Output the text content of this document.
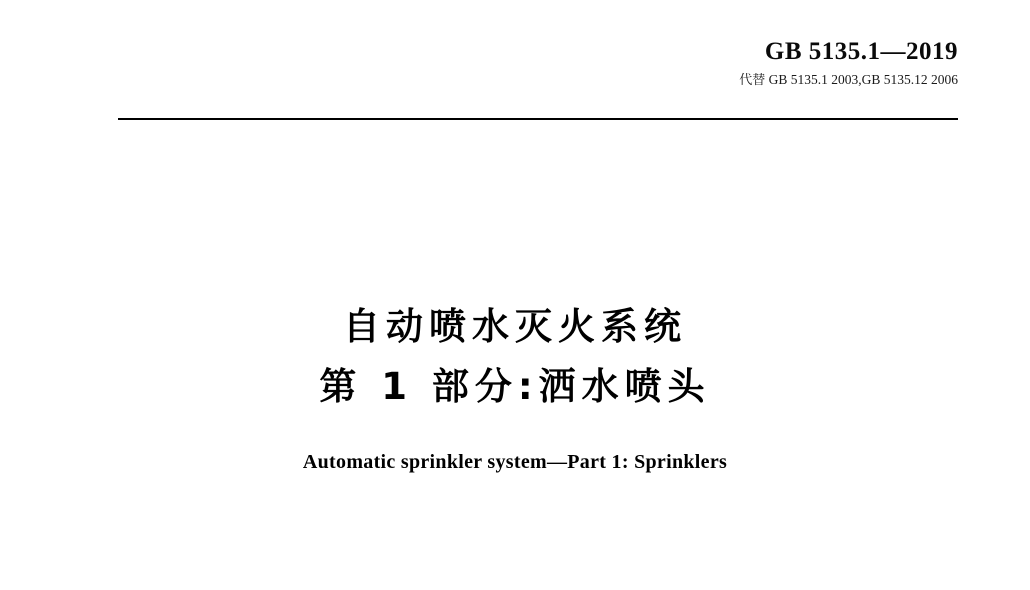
GB 5135.1—2019
代替 GB 5135.1 2003,GB 5135.12 2006
自动喷水灭火系统
第 1 部分:洒水喷头
Automatic sprinkler system—Part 1: Sprinklers
